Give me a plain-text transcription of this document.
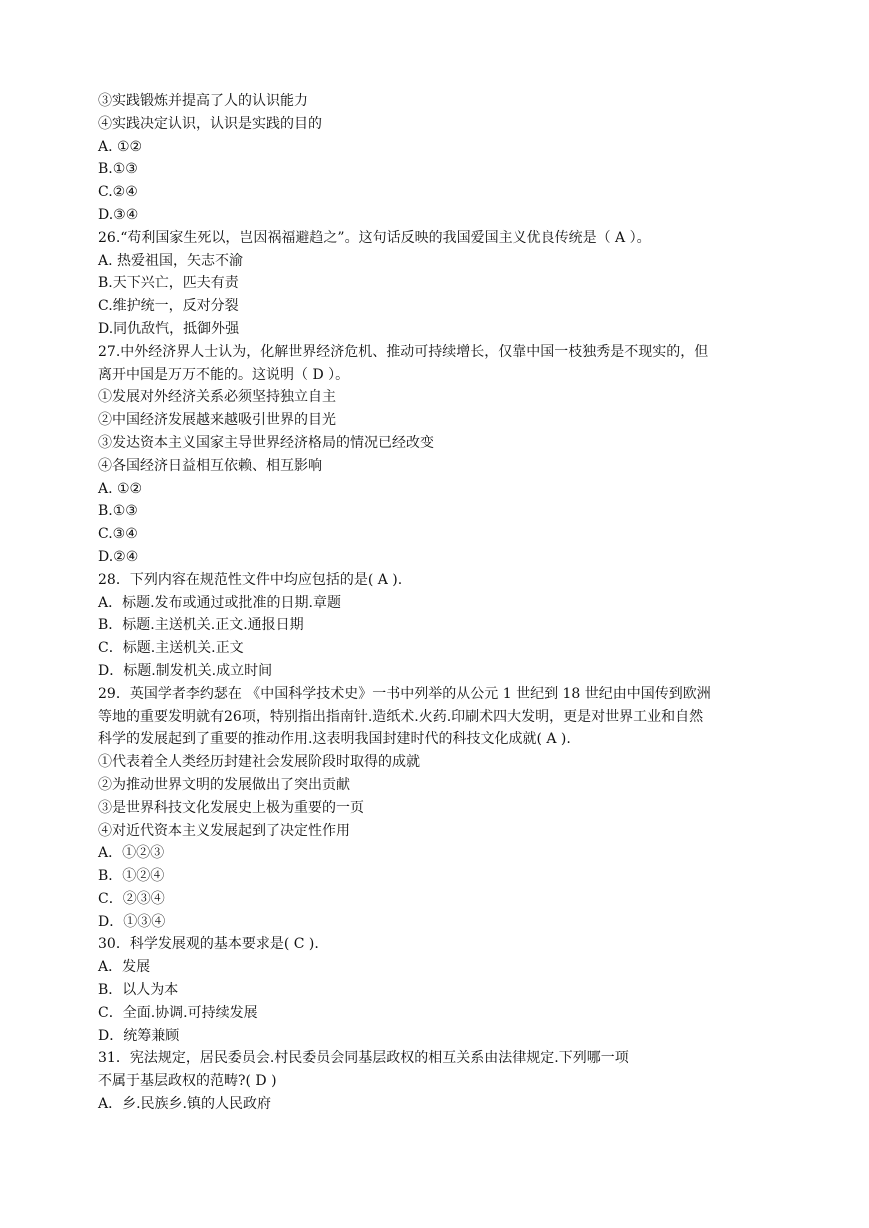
③实践锻炼并提高了人的认识能力
④实践决定认识，认识是实践的目的
A. ①②
B.①③
C.②④
D.③④
26.“苟利国家生死以，岂因祸福避趋之”。这句话反映的我国爱国主义优良传统是（ A ）。
A. 热爱祖国，矢志不渝
B.天下兴亡，匹夫有责
C.维护统一，反对分裂
D.同仇敌忾，抵御外强
27.中外经济界人士认为，化解世界经济危机、推动可持续增长，仅靠中国一枝独秀是不现实的，但
离开中国是万万不能的。这说明（ D ）。
①发展对外经济关系必须坚持独立自主
②中国经济发展越来越吸引世界的目光
③发达资本主义国家主导世界经济格局的情况已经改变
④各国经济日益相互依赖、相互影响
A. ①②
B.①③
C.③④
D.②④
28．下列内容在规范性文件中均应包括的是( A ).
A．标题.发布或通过或批准的日期.章题
B．标题.主送机关.正文.通报日期
C．标题.主送机关.正文
D．标题.制发机关.成立时间
29．英国学者李约瑟在 《中国科学技术史》一书中列举的从公元 1 世纪到 18 世纪由中国传到欧洲
等地的重要发明就有26项，特别指出指南针.造纸术.火药.印刷术四大发明，更是对世界工业和自然
科学的发展起到了重要的推动作用.这表明我国封建时代的科技文化成就( A ).
①代表着全人类经历封建社会发展阶段时取得的成就
②为推动世界文明的发展做出了突出贡献
③是世界科技文化发展史上极为重要的一页
④对近代资本主义发展起到了决定性作用
A．①②③
B．①②④
C．②③④
D．①③④
30．科学发展观的基本要求是( C ).
A．发展
B．以人为本
C．全面.协调.可持续发展
D．统筹兼顾
31．宪法规定，居民委员会.村民委员会同基层政权的相互关系由法律规定.下列哪一项
不属于基层政权的范畴?( D )
A．乡.民族乡.镇的人民政府
